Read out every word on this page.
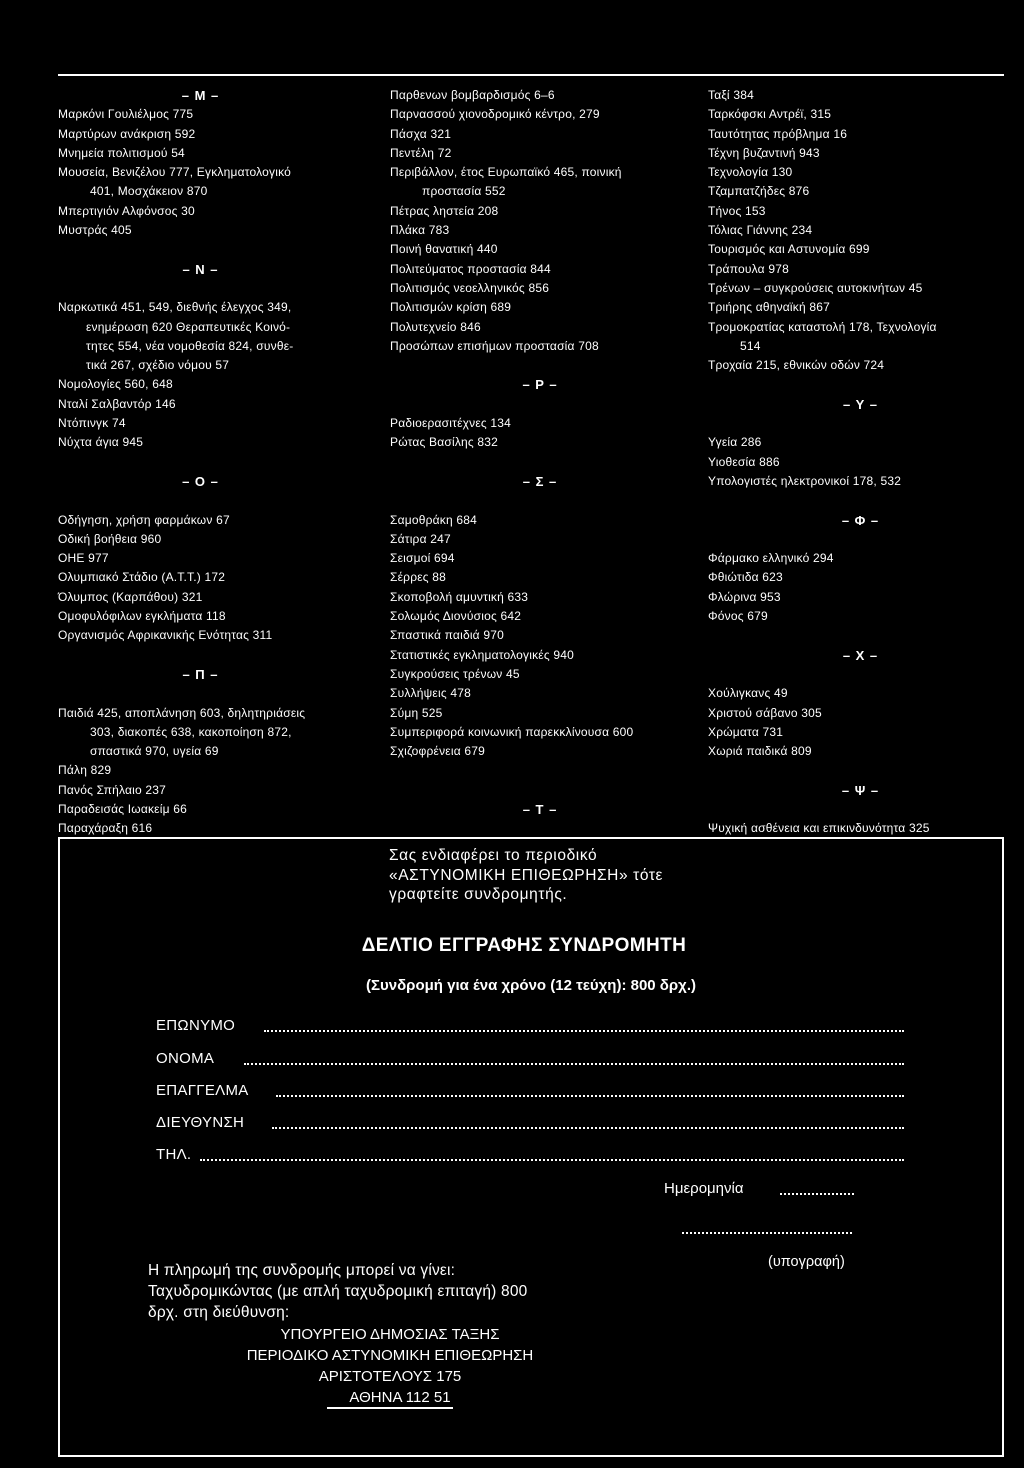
– M –
Μαρκόνι Γουλιέλμος 775
Μαρτύρων ανάκριση 592
Μνημεία πολιτισμού 54
Μουσεία, Βενιζέλου 777, Εγκληματολογικό
401, Μοσχάκειον 870
Μπερτιγιόν Αλφόνσος 30
Μυστράς 405
– N –
Ναρκωτικά 451, 549, διεθνής έλεγχος 349,
ενημέρωση 620 Θεραπευτικές Κοινό-
τητες 554, νέα νομοθεσία 824, συνθε-
τικά 267, σχέδιο νόμου 57
Νομολογίες 560, 648
Νταλί Σαλβαντόρ 146
Ντόπινγκ 74
Νύχτα άγια 945
– O –
Οδήγηση, χρήση φαρμάκων 67
Οδική βοήθεια 960
ΟΗΕ 977
Ολυμπιακό Στάδιο (Α.Τ.Τ.) 172
Όλυμπος (Καρπάθου) 321
Ομοφυλόφιλων εγκλήματα 118
Οργανισμός Αφρικανικής Ενότητας 311
– Π –
Παιδιά 425, αποπλάνηση 603, δηλητηριάσεις
303, διακοπές 638, κακοποίηση 872,
σπαστικά 970, υγεία 69
Πάλη 829
Πανός Σπήλαιο 237
Παραδεισάς Ιωακείμ 66
Παραχάραξη 616
Παρθενων βομβαρδισμός 6–6
Παρνασσού χιονοδρομικό κέντρο, 279
Πάσχα 321
Πεντέλη 72
Περιβάλλον, έτος Ευρωπαϊκό 465, ποινική
προστασία 552
Πέτρας ληστεία 208
Πλάκα 783
Ποινή θανατική 440
Πολιτεύματος προστασία 844
Πολιτισμός νεοελληνικός 856
Πολιτισμών κρίση 689
Πολυτεχνείο 846
Προσώπων επισήμων προστασία 708
– P –
Ραδιοερασιτέχνες 134
Ρώτας Βασίλης 832
– Σ –
Σαμοθράκη 684
Σάτιρα 247
Σεισμοί 694
Σέρρες 88
Σκοποβολή αμυντική 633
Σολωμός Διονύσιος 642
Σπαστικά παιδιά 970
Στατιστικές εγκληματολογικές 940
Συγκρούσεις τρένων 45
Συλλήψεις 478
Σύμη 525
Συμπεριφορά κοινωνική παρεκκλίνουσα 600
Σχιζοφρένεια 679
– T –
Ταξί 384
Ταρκόφσκι Αντρέϊ, 315
Ταυτότητας πρόβλημα 16
Τέχνη βυζαντινή 943
Τεχνολογία 130
Τζαμπατζήδες 876
Τήνος 153
Τόλιας Γιάννης 234
Τουρισμός και Αστυνομία 699
Τράπουλα 978
Τρένων – συγκρούσεις αυτοκινήτων 45
Τριήρης αθηναϊκή 867
Τρομοκρατίας καταστολή 178, Τεχνολογία
514
Τροχαία 215, εθνικών οδών 724
– Y –
Υγεία 286
Υιοθεσία 886
Υπολογιστές ηλεκτρονικοί 178, 532
– Φ –
Φάρμακο ελληνικό 294
Φθιώτιδα 623
Φλώρινα 953
Φόνος 679
– X –
Χούλιγκανς 49
Χριστού σάβανο 305
Χρώματα 731
Χωριά παιδικά 809
– Ψ –
Ψυχική ασθένεια και επικινδυνότητα 325
Σας ενδιαφέρει το περιοδικό
«ΑΣΤΥΝΟΜΙΚΗ ΕΠΙΘΕΩΡΗΣΗ» τότε
γραφτείτε συνδρομητής.
ΔΕΛΤΙΟ ΕΓΓΡΑΦΗΣ ΣΥΝΔΡΟΜΗΤΗ
(Συνδρομή για ένα χρόνο (12 τεύχη): 800 δρχ.)
ΕΠΩΝΥΜΟ
ΟΝΟΜΑ
ΕΠΑΓΓΕΛΜΑ
ΔΙΕΥΘΥΝΣΗ
ΤΗΛ.
Ημερομηνία
(υπογραφή)
Η πληρωμή της συνδρομής μπορεί να γίνει:
Ταχυδρομικώντας (με απλή ταχυδρομική επιταγή) 800
δρχ. στη διεύθυνση:
ΥΠΟΥΡΓΕΙΟ ΔΗΜΟΣΙΑΣ ΤΑΞΗΣ
ΠΕΡΙΟΔΙΚΟ ΑΣΤΥΝΟΜΙΚΗ ΕΠΙΘΕΩΡΗΣΗ
ΑΡΙΣΤΟΤΕΛΟΥΣ 175
ΑΘΗΝΑ 112 51
